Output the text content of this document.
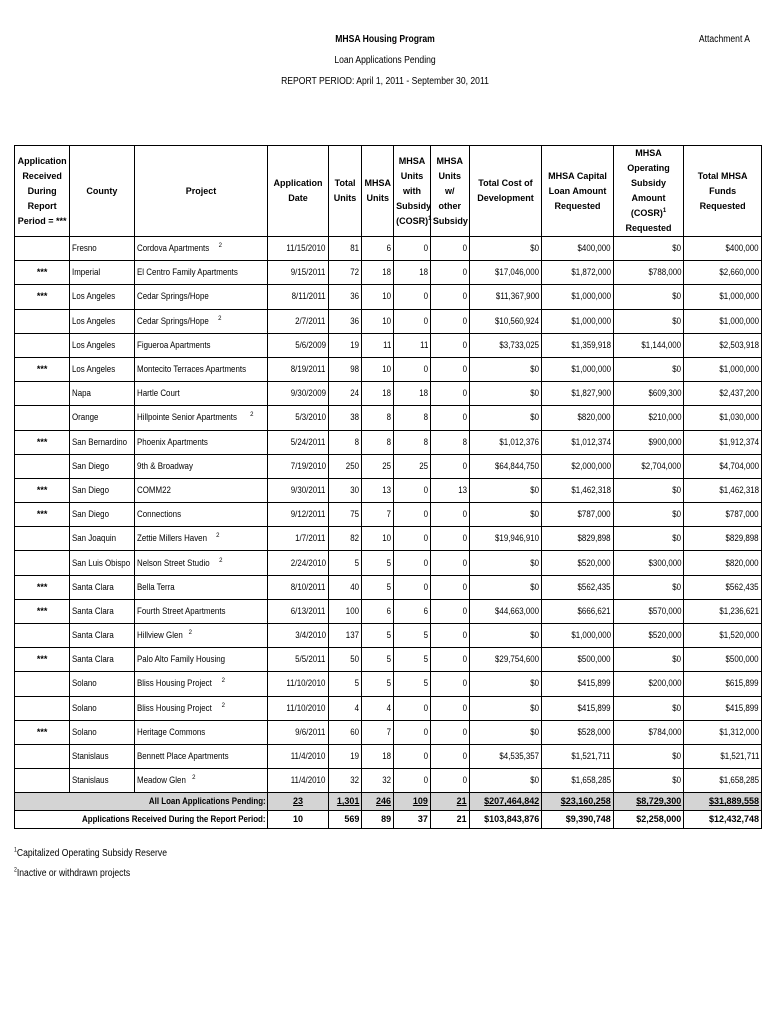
MHSA Housing Program
Loan Applications Pending
REPORT PERIOD: April 1, 2011 - September 30, 2011
Attachment A
Application Received During Report Period = ***	County	Project	Application Date	Total Units	MHSA Units	MHSA Units with Subsidy (COSR)$^1$	MHSA Units w/ other Subsidy	Total Cost of Development	MHSA Capital Loan Amount Requested	MHSA Operating Subsidy Amount (COSR)$^1$ Requested	Total MHSA Funds Requested
	Fresno	Cordova Apartments $^2$	11/15/2010	81	6	0	0	$0	$400,000	$0	$400,000
***	Imperial	El Centro Family Apartments	9/15/2011	72	18	18	0	$17,046,000	$1,872,000	$788,000	$2,660,000
***	Los Angeles	Cedar Springs/Hope	8/11/2011	36	10	0	0	$11,367,900	$1,000,000	$0	$1,000,000
	Los Angeles	Cedar Springs/Hope $^2$	2/7/2011	36	10	0	0	$10,560,924	$1,000,000	$0	$1,000,000
	Los Angeles	Figueroa Apartments	5/6/2009	19	11	11	0	$3,733,025	$1,359,918	$1,144,000	$2,503,918
***	Los Angeles	Montecito Terraces Apartments	8/19/2011	98	10	0	0	$0	$1,000,000	$0	$1,000,000
	Napa	Hartle Court	9/30/2009	24	18	18	0	$0	$1,827,900	$609,300	$2,437,200
	Orange	Hillpointe Senior Apartments $^2$	5/3/2010	38	8	8	0	$0	$820,000	$210,000	$1,030,000
***	San Bernardino	Phoenix Apartments	5/24/2011	8	8	8	8	$1,012,376	$1,012,374	$900,000	$1,912,374
	San Diego	9th & Broadway	7/19/2010	250	25	25	0	$64,844,750	$2,000,000	$2,704,000	$4,704,000
***	San Diego	COMM22	9/30/2011	30	13	0	13	$0	$1,462,318	$0	$1,462,318
***	San Diego	Connections	9/12/2011	75	7	0	0	$0	$787,000	$0	$787,000
	San Joaquin	Zettie Millers Haven $^2$	1/7/2011	82	10	0	0	$19,946,910	$829,898	$0	$829,898
	San Luis Obispo	Nelson Street Studio $^2$	2/24/2010	5	5	0	0	$0	$520,000	$300,000	$820,000
***	Santa Clara	Bella Terra	8/10/2011	40	5	0	0	$0	$562,435	$0	$562,435
***	Santa Clara	Fourth Street Apartments	6/13/2011	100	6	6	0	$44,663,000	$666,621	$570,000	$1,236,621
	Santa Clara	Hillview Glen $^2$	3/4/2010	137	5	5	0	$0	$1,000,000	$520,000	$1,520,000
***	Santa Clara	Palo Alto Family Housing	5/5/2011	50	5	5	0	$29,754,600	$500,000	$0	$500,000
	Solano	Bliss Housing Project $^2$	11/10/2010	5	5	5	0	$0	$415,899	$200,000	$615,899
	Solano	Bliss Housing Project $^2$	11/10/2010	4	4	0	0	$0	$415,899	$0	$415,899
***	Solano	Heritage Commons	9/6/2011	60	7	0	0	$0	$528,000	$784,000	$1,312,000
	Stanislaus	Bennett Place Apartments	11/4/2010	19	18	0	0	$4,535,357	$1,521,711	$0	$1,521,711
	Stanislaus	Meadow Glen $^2$	11/4/2010	32	32	0	0	$0	$1,658,285	$0	$1,658,285
All Loan Applications Pending:			23	1,301	246	109	21	$207,464,842	$23,160,258	$8,729,300	$31,889,558
Applications Received During the Report Period:			10	569	89	37	21	$103,843,876	$9,390,748	$2,258,000	$12,432,748
$^1$Capitalized Operating Subsidy Reserve
$^2$Inactive or withdrawn projects
